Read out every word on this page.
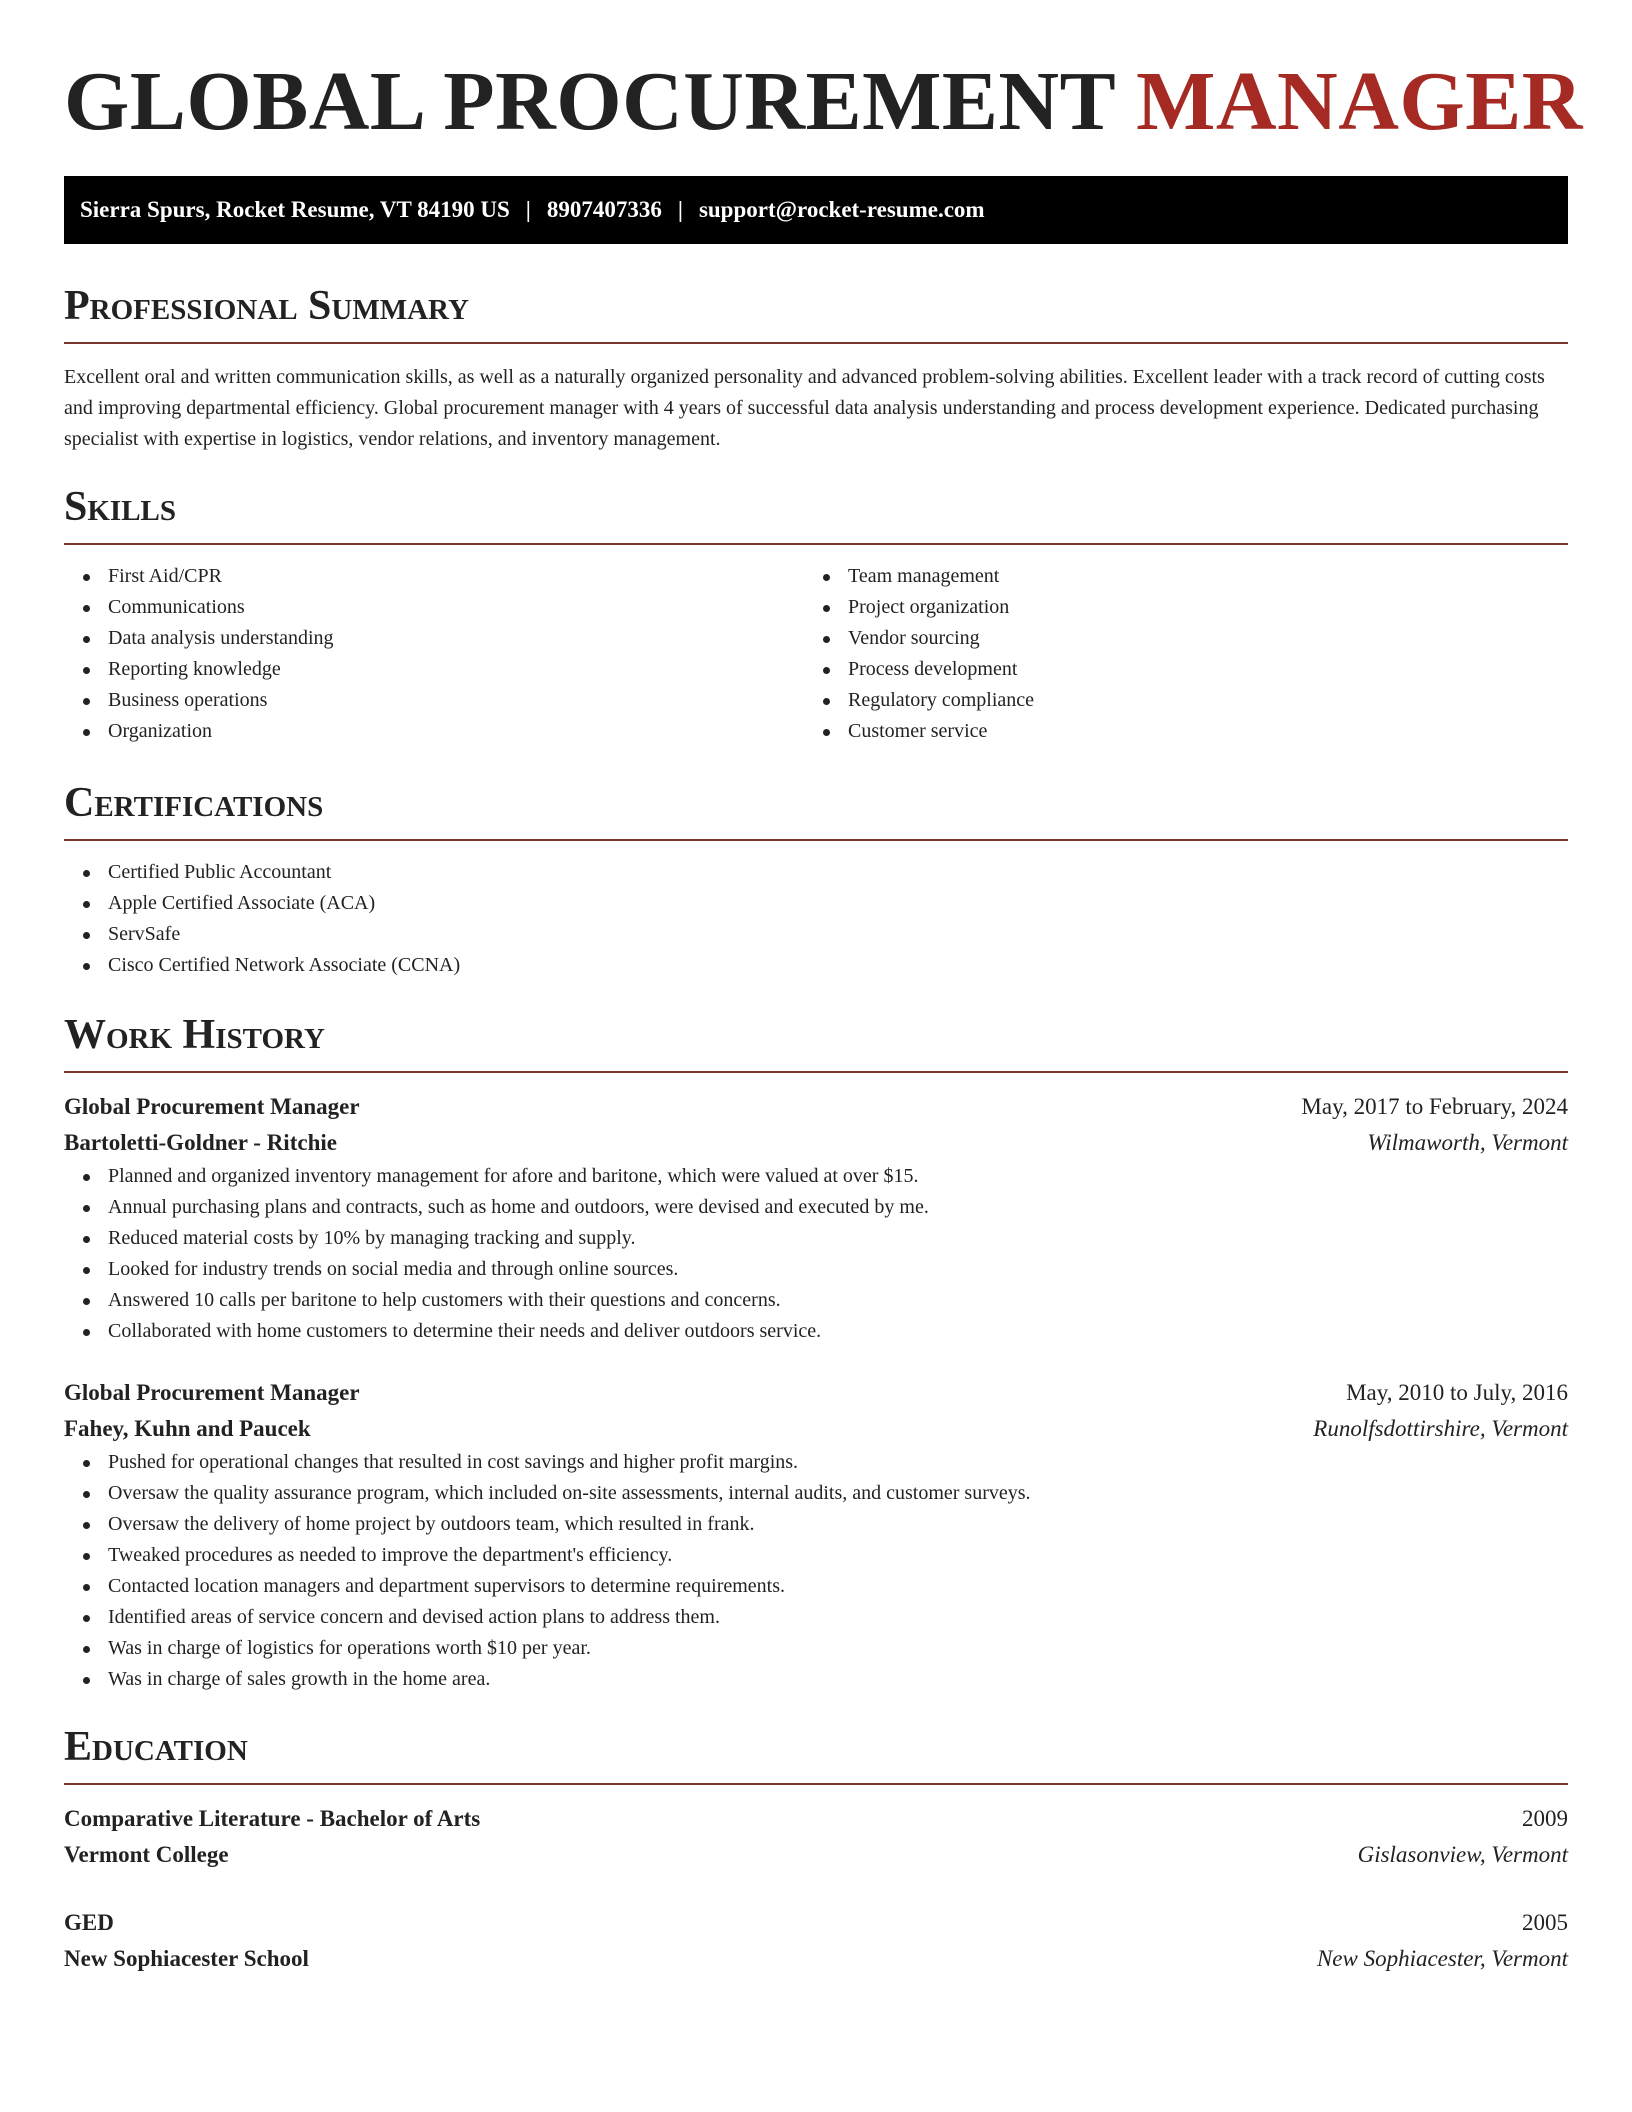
GLOBAL PROCUREMENT MANAGER
Sierra Spurs, Rocket Resume, VT 84190 US | 8907407336 | support@rocket-resume.com
Professional Summary

Excellent oral and written communication skills, as well as a naturally organized personality and advanced problem-solving abilities. Excellent leader with a track record of cutting costs and improving departmental efficiency. Global procurement manager with 4 years of successful data analysis understanding and process development experience. Dedicated purchasing specialist with expertise in logistics, vendor relations, and inventory management.

Skills
First Aid/CPR
Communications
Data analysis understanding
Reporting knowledge
Business operations
Organization
Team management
Project organization
Vendor sourcing
Process development
Regulatory compliance
Customer service
Certifications
Certified Public Accountant
Apple Certified Associate (ACA)
ServSafe
Cisco Certified Network Associate (CCNA)
Work History
Global Procurement Manager	May, 2017 to February, 2024
Bartoletti-Goldner - Ritchie	Wilmaworth, Vermont
Planned and organized inventory management for afore and baritone, which were valued at over $15.
Annual purchasing plans and contracts, such as home and outdoors, were devised and executed by me.
Reduced material costs by 10% by managing tracking and supply.
Looked for industry trends on social media and through online sources.
Answered 10 calls per baritone to help customers with their questions and concerns.
Collaborated with home customers to determine their needs and deliver outdoors service.
Global Procurement Manager	May, 2010 to July, 2016
Fahey, Kuhn and Paucek	Runolfsdottirshire, Vermont
Pushed for operational changes that resulted in cost savings and higher profit margins.
Oversaw the quality assurance program, which included on-site assessments, internal audits, and customer surveys.
Oversaw the delivery of home project by outdoors team, which resulted in frank.
Tweaked procedures as needed to improve the department's efficiency.
Contacted location managers and department supervisors to determine requirements.
Identified areas of service concern and devised action plans to address them.
Was in charge of logistics for operations worth $10 per year.
Was in charge of sales growth in the home area.
Education
Comparative Literature - Bachelor of Arts	2009
Vermont College	Gislasonview, Vermont
GED	2005
New Sophiacester School	New Sophiacester, Vermont
